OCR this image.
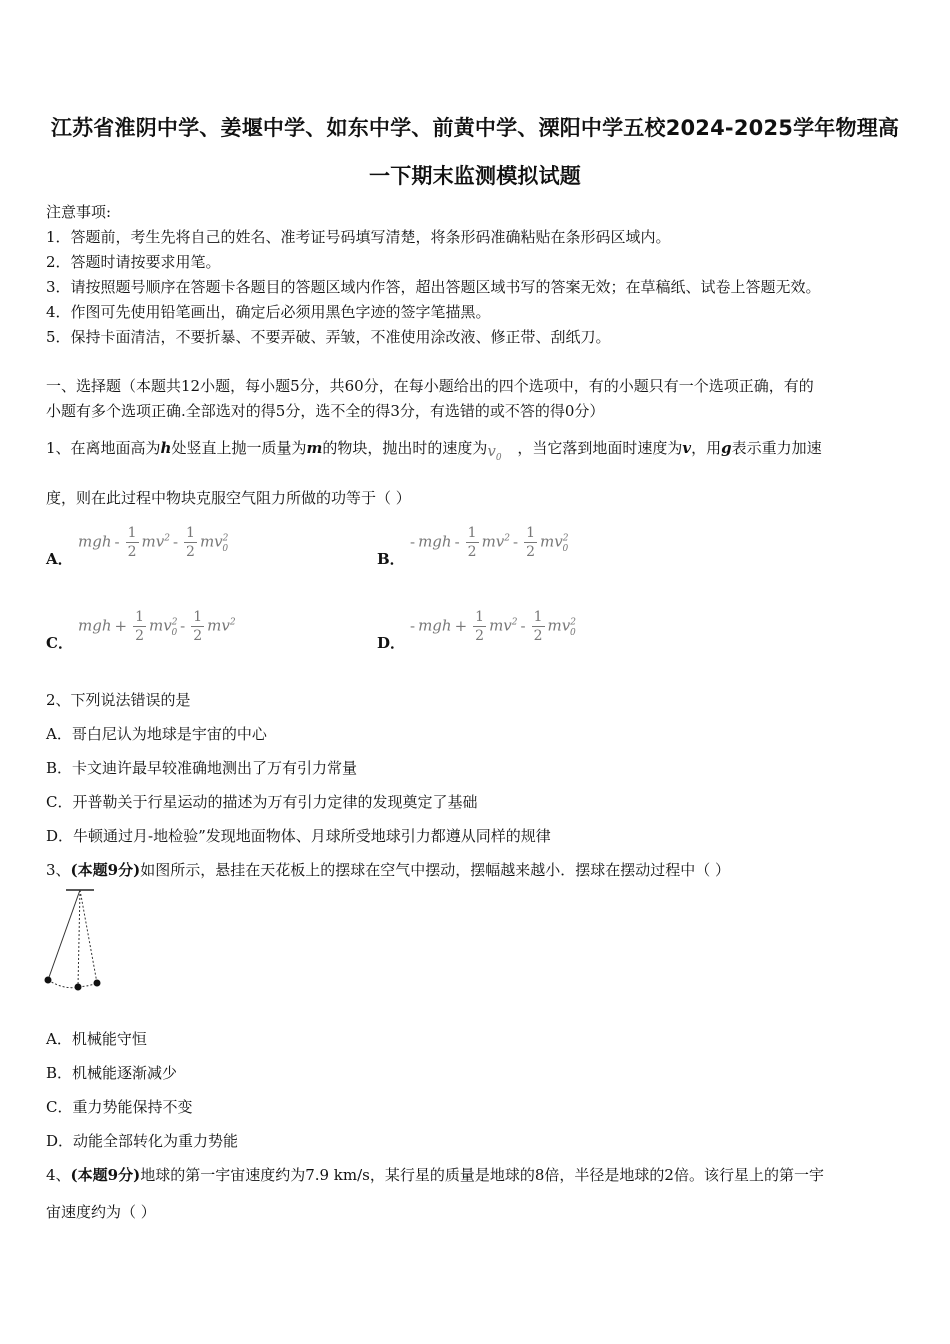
江苏省淮阴中学、姜堰中学、如东中学、前黄中学、溧阳中学五校2024-2025学年物理高
一下期末监测模拟试题
注意事项:
1．答题前，考生先将自己的姓名、准考证号码填写清楚，将条形码准确粘贴在条形码区域内。
2．答题时请按要求用笔。
3．请按照题号顺序在答题卡各题目的答题区域内作答，超出答题区域书写的答案无效；在草稿纸、试卷上答题无效。
4．作图可先使用铅笔画出，确定后必须用黑色字迹的签字笔描黑。
5．保持卡面清洁，不要折暴、不要弄破、弄皱，不准使用涂改液、修正带、刮纸刀。
一、选择题（本题共12小题，每小题5分，共60分，在每小题给出的四个选项中，有的小题只有一个选项正确，有的
小题有多个选项正确.全部选对的得5分，选不全的得3分，有选错的或不答的得0分）
1、在离地面高为h处竖直上抛一质量为m的物块，抛出时的速度为 $v_0$
，当它落到地面时速度为v，用g表示重力加速
度，则在此过程中物块克服空气阻力所做的功等于（ ）
A．
mgh - $\frac{1}{2} mv^2 - \frac{1}{2} mv^2_0$
B．
- mgh - $\frac{1}{2} mv^2 - \frac{1}{2} mv^2_0$
C．
mgh + $\frac{1}{2} mv^2_0 - \frac{1}{2} mv^2$
D．
- mgh + $\frac{1}{2} mv^2 - \frac{1}{2} mv^2_0$
2、下列说法错误的是
A．哥白尼认为地球是宇宙的中心
B．卡文迪许最早较准确地测出了万有引力常量
C．开普勒关于行星运动的描述为万有引力定律的发现奠定了基础
D．牛顿通过月-地检验”发现地面物体、月球所受地球引力都遵从同样的规律
3、(本题9分)如图所示，悬挂在天花板上的摆球在空气中摆动，摆幅越来越小．摆球在摆动过程中（ ）
A．机械能守恒
B．机械能逐渐减少
C．重力势能保持不变
D．动能全部转化为重力势能
4、(本题9分)地球的第一宇宙速度约为7.9 km/s，某行星的质量是地球的8倍，半径是地球的2倍。该行星上的第一宇
宙速度约为（ ）
